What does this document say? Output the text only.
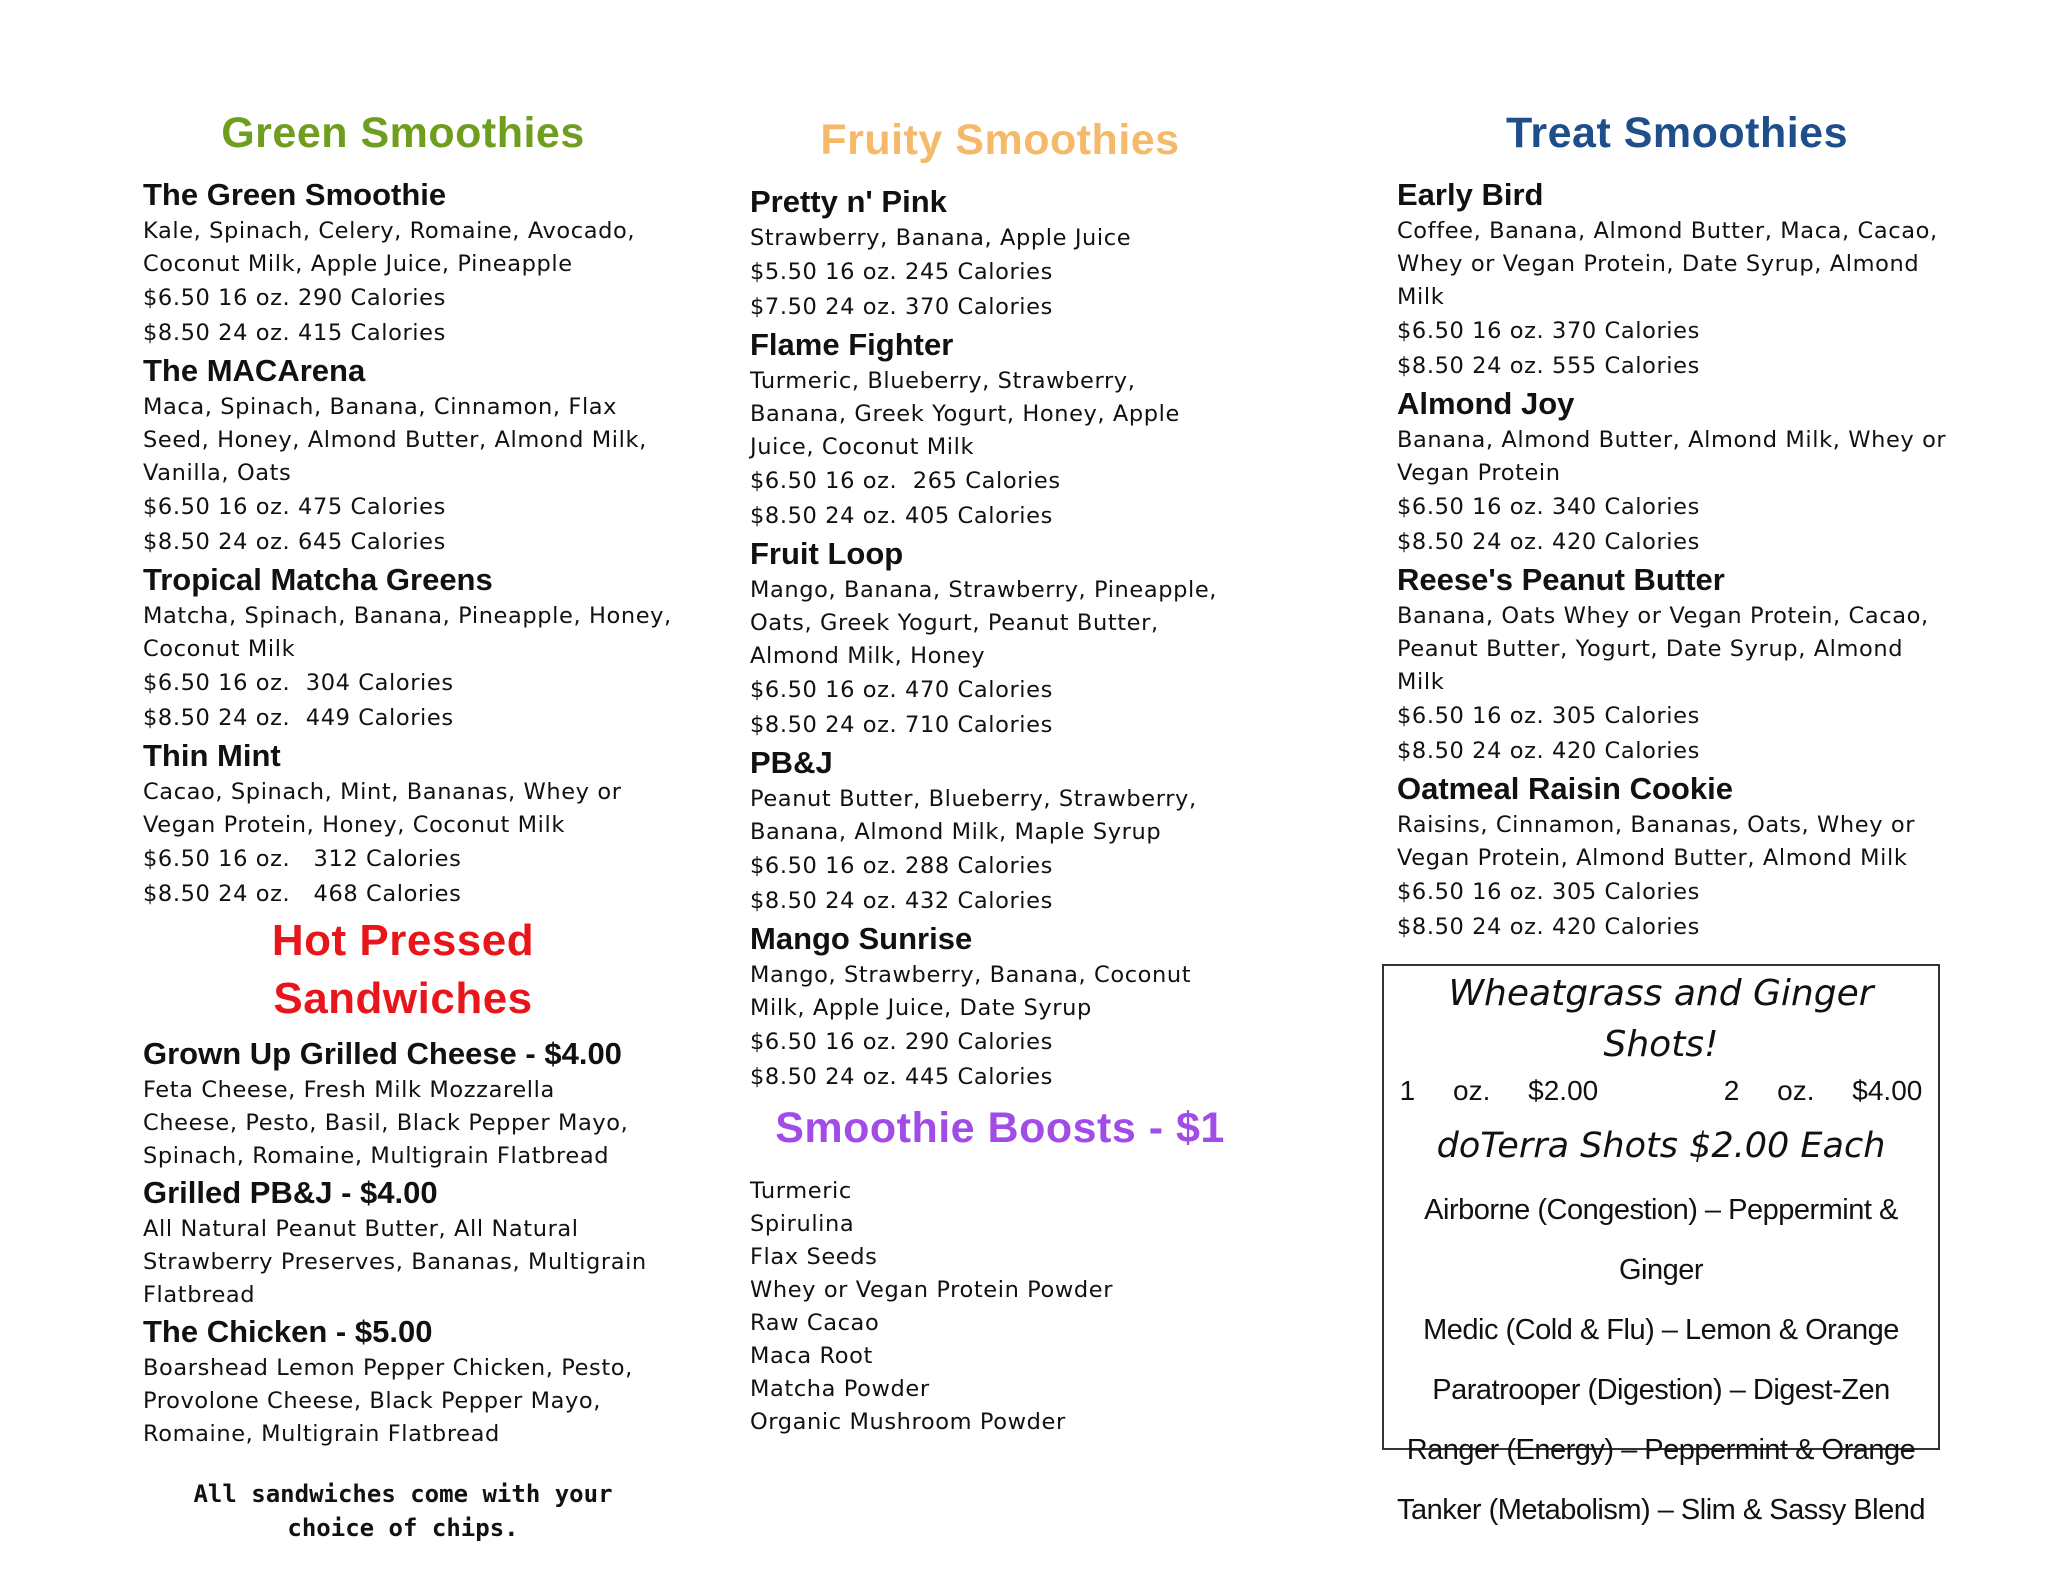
Green Smoothies

The Green Smoothie

Kale, Spinach, Celery, Romaine, Avocado,

Coconut Milk, Apple Juice, Pineapple

$6.50 16 oz. 290 Calories

$8.50 24 oz. 415 Calories

The MACArena

Maca, Spinach, Banana, Cinnamon, Flax

Seed, Honey, Almond Butter, Almond Milk,

Vanilla, Oats

$6.50 16 oz. 475 Calories

$8.50 24 oz. 645 Calories

Tropical Matcha Greens

Matcha, Spinach, Banana, Pineapple, Honey,

Coconut Milk

$6.50 16 oz.  304 Calories

$8.50 24 oz.  449 Calories

Thin Mint

Cacao, Spinach, Mint, Bananas, Whey or

Vegan Protein, Honey, Coconut Milk

$6.50 16 oz.   312 Calories

$8.50 24 oz.   468 Calories

Hot Pressed Sandwiches

Grown Up Grilled Cheese - $4.00

Feta Cheese, Fresh Milk Mozzarella

Cheese, Pesto, Basil, Black Pepper Mayo,

Spinach, Romaine, Multigrain Flatbread

Grilled PB&J - $4.00

All Natural Peanut Butter, All Natural

Strawberry Preserves, Bananas, Multigrain

Flatbread

The Chicken - $5.00

Boarshead Lemon Pepper Chicken, Pesto,

Provolone Cheese, Black Pepper Mayo,

Romaine, Multigrain Flatbread

All sandwiches come with your

choice of chips.

Fruity Smoothies

Pretty n' Pink

Strawberry, Banana, Apple Juice

$5.50 16 oz. 245 Calories

$7.50 24 oz. 370 Calories

Flame Fighter

Turmeric, Blueberry, Strawberry,

Banana, Greek Yogurt, Honey, Apple

Juice, Coconut Milk

$6.50 16 oz.  265 Calories

$8.50 24 oz. 405 Calories

Fruit Loop

Mango, Banana, Strawberry, Pineapple,

Oats, Greek Yogurt, Peanut Butter,

Almond Milk, Honey

$6.50 16 oz. 470 Calories

$8.50 24 oz. 710 Calories

PB&J

Peanut Butter, Blueberry, Strawberry,

Banana, Almond Milk, Maple Syrup

$6.50 16 oz. 288 Calories

$8.50 24 oz. 432 Calories

Mango Sunrise

Mango, Strawberry, Banana, Coconut

Milk, Apple Juice, Date Syrup

$6.50 16 oz. 290 Calories

$8.50 24 oz. 445 Calories

Smoothie Boosts - $1

Turmeric

Spirulina

Flax Seeds

Whey or Vegan Protein Powder

Raw Cacao

Maca Root

Matcha Powder

Organic Mushroom Powder

Treat Smoothies

Early Bird

Coffee, Banana, Almond Butter, Maca, Cacao,

Whey or Vegan Protein, Date Syrup, Almond

Milk

$6.50 16 oz. 370 Calories

$8.50 24 oz. 555 Calories

Almond Joy

Banana, Almond Butter, Almond Milk, Whey or

Vegan Protein

$6.50 16 oz. 340 Calories

$8.50 24 oz. 420 Calories

Reese's Peanut Butter

Banana, Oats Whey or Vegan Protein, Cacao,

Peanut Butter, Yogurt, Date Syrup, Almond

Milk

$6.50 16 oz. 305 Calories

$8.50 24 oz. 420 Calories

Oatmeal Raisin Cookie

Raisins, Cinnamon, Bananas, Oats, Whey or

Vegan Protein, Almond Butter, Almond Milk

$6.50 16 oz. 305 Calories

$8.50 24 oz. 420 Calories

Wheatgrass and Ginger

Shots!

1 oz. $2.00	2 oz. $4.00

doTerra Shots $2.00 Each

Airborne (Congestion) – Peppermint & Ginger

Medic (Cold & Flu) – Lemon & Orange

Paratrooper (Digestion) – Digest-Zen

Ranger (Energy) – Peppermint & Orange

Tanker (Metabolism) – Slim & Sassy Blend
